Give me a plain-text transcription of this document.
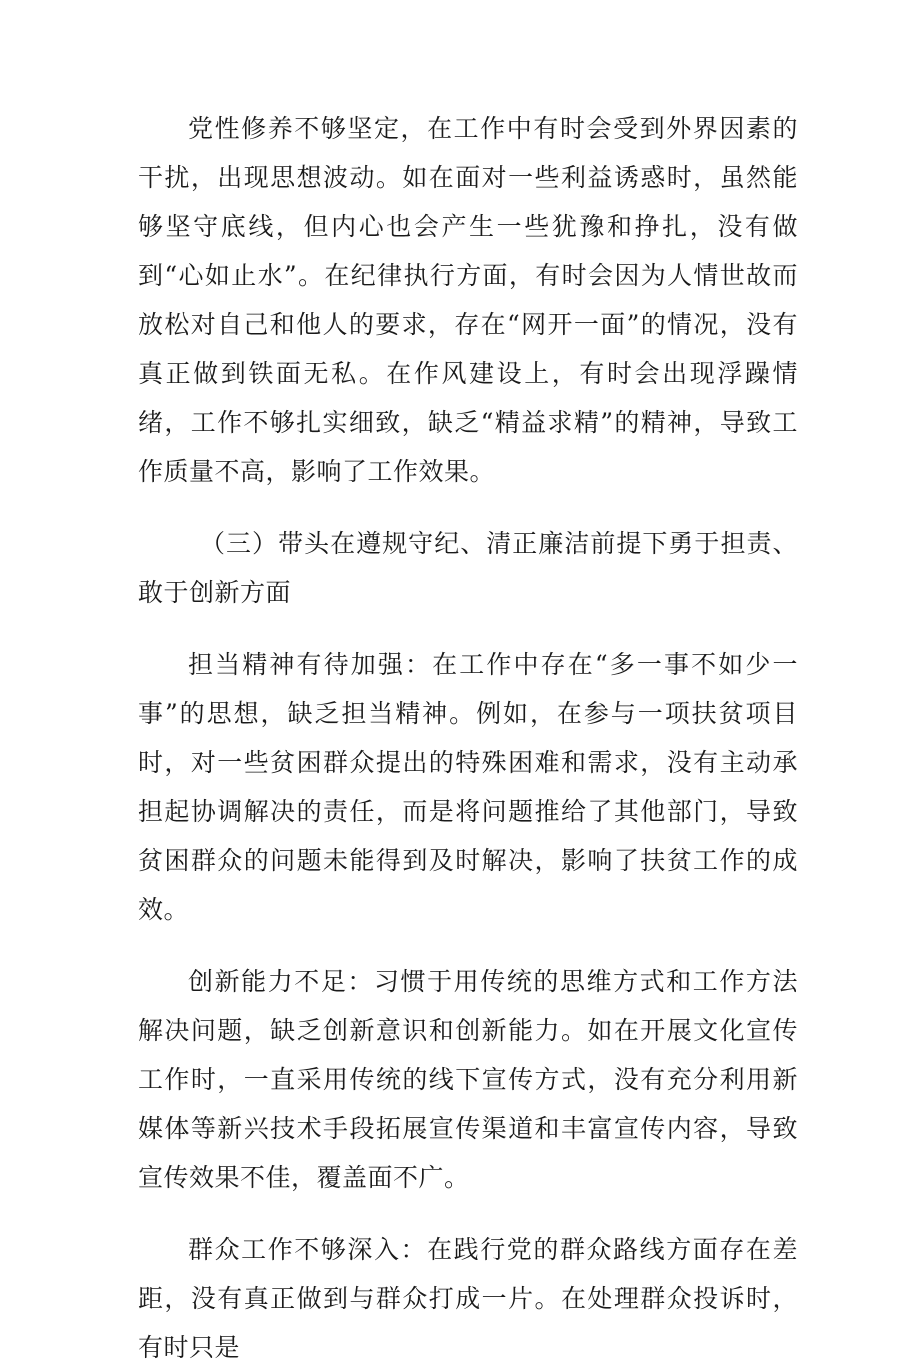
党性修养不够坚定，在工作中有时会受到外界因素的干扰，出现思想波动。如在面对一些利益诱惑时，虽然能够坚守底线，但内心也会产生一些犹豫和挣扎，没有做到“心如止水”。在纪律执行方面，有时会因为人情世故而放松对自己和他人的要求，存在“网开一面”的情况，没有真正做到铁面无私。在作风建设上，有时会出现浮躁情绪，工作不够扎实细致，缺乏“精益求精”的精神，导致工作质量不高，影响了工作效果。

（三）带头在遵规守纪、清正廉洁前提下勇于担责、敢于创新方面

担当精神有待加强：在工作中存在“多一事不如少一事”的思想，缺乏担当精神。例如，在参与一项扶贫项目时，对一些贫困群众提出的特殊困难和需求，没有主动承担起协调解决的责任，而是将问题推给了其他部门，导致贫困群众的问题未能得到及时解决，影响了扶贫工作的成效。

创新能力不足：习惯于用传统的思维方式和工作方法解决问题，缺乏创新意识和创新能力。如在开展文化宣传工作时，一直采用传统的线下宣传方式，没有充分利用新媒体等新兴技术手段拓展宣传渠道和丰富宣传内容，导致宣传效果不佳，覆盖面不广。

群众工作不够深入：在践行党的群众路线方面存在差距，没有真正做到与群众打成一片。在处理群众投诉时，有时只是
